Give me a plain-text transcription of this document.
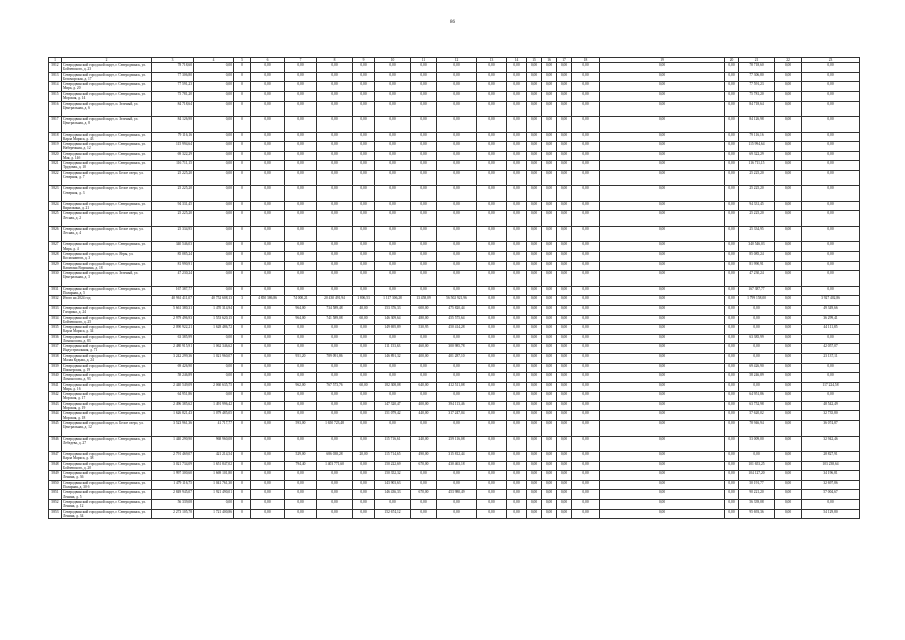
86
1	2	3	4	5	6	7	8	9	10	11	12	13	14	15	16	17	18	19	20	21	22	23
5812	Северодвинский городской округ, г. Северодвинск, ул. Бойчевского, д. 23	78 718,60	0,00	0	0,00	0,00	0,00	0,00	0,00	0,00	0,00	0,00	0,00	0,00	0,00	0,00	0,00	0,00	0,00	78 718,60	0,00	0,00
5813	Северодвинский городской округ, г. Северодвинск, ул. Беломорская, д. 17	77 306,80	0,00	0	0,00	0,00	0,00	0,00	0,00	0,00	0,00	0,00	0,00	0,00	0,00	0,00	0,00	0,00	0,00	77 306,80	0,00	0,00
5814	Северодвинский городской округ, г. Северодвинск, ул. Мира, д. 20	77 591,23	0,00	0	0,00	0,00	0,00	0,00	0,00	0,00	0,00	0,00	0,00	0,00	0,00	0,00	0,00	0,00	0,00	77 591,23	0,00	0,00
5815	Северодвинский городской округ, г. Северодвинск, ул. Морская, д. 14	75 781,20	0,00	0	0,00	0,00	0,00	0,00	0,00	0,00	0,00	0,00	0,00	0,00	0,00	0,00	0,00	0,00	0,00	75 781,20	0,00	0,00
5816	Северодвинский городской округ, п. Зеленый, ул. Центральная, д. 6	84 718,64	0,00	0	0,00	0,00	0,00	0,00	0,00	0,00	0,00	0,00	0,00	0,00	0,00	0,00	0,00	0,00	0,00	84 718,64	0,00	0,00
5817	Северодвинский городской округ, п. Зеленый, ул. Центральная, д. 8	84 126,98	0,00	0	0,00	0,00	0,00	0,00	0,00	0,00	0,00	0,00	0,00	0,00	0,00	0,00	0,00	0,00	0,00	84 126,98	0,00	0,00
5818	Северодвинский городской округ, г. Северодвинск, ул. Карла Маркса, д. 43	79 116,16	0,00	0	0,00	0,00	0,00	0,00	0,00	0,00	0,00	0,00	0,00	0,00	0,00	0,00	0,00	0,00	0,00	79 116,16	0,00	0,00
5819	Северодвинский городской округ, г. Северодвинск, ул. Набережная, д. 12	115 994,64	0,00	0	0,00	0,00	0,00	0,00	0,00	0,00	0,00	0,00	0,00	0,00	0,00	0,00	0,00	0,00	0,00	115 994,64	0,00	0,00
5820	Северодвинский городской округ, г. Северодвинск, ул. Мая, д. 14б	69 322,29	0,00	0	0,00	0,00	0,00	0,00	0,00	0,00	0,00	0,00	0,00	0,00	0,00	0,00	0,00	0,00	0,00	69 322,29	0,00	0,00
5821	Северодвинский городской округ, г. Северодвинск, ул. Трудовая, д. 10	116 711,15	0,00	0	0,00	0,00	0,00	0,00	0,00	0,00	0,00	0,00	0,00	0,00	0,00	0,00	0,00	0,00	0,00	116 711,15	0,00	0,00
5822	Северодвинский городской округ, п. Белое озеро, ул. Северная, д. 7	25 225,20	0,00	0	0,00	0,00	0,00	0,00	0,00	0,00	0,00	0,00	0,00	0,00	0,00	0,00	0,00	0,00	0,00	25 225,20	0,00	0,00
5823	Северодвинский городской округ, п. Белое озеро, ул. Северная, д. 3	25 225,20	0,00	0	0,00	0,00	0,00	0,00	0,00	0,00	0,00	0,00	0,00	0,00	0,00	0,00	0,00	0,00	0,00	25 225,20	0,00	0,00
5824	Северодвинский городской округ, г. Северодвинск, ул. Кирилкина, д. 21	94 331,45	0,00	0	0,00	0,00	0,00	0,00	0,00	0,00	0,00	0,00	0,00	0,00	0,00	0,00	0,00	0,00	0,00	94 331,45	0,00	0,00
5825	Северодвинский городской округ, п. Белое озеро, ул. Лесная, д. 2	25 225,20	0,00	0	0,00	0,00	0,00	0,00	0,00	0,00	0,00	0,00	0,00	0,00	0,00	0,00	0,00	0,00	0,00	25 225,20	0,00	0,00
5826	Северодвинский городской округ, п. Белое озеро, ул. Лесная, д. 4	25 334,95	0,00	0	0,00	0,00	0,00	0,00	0,00	0,00	0,00	0,00	0,00	0,00	0,00	0,00	0,00	0,00	0,00	25 334,95	0,00	0,00
5827	Северодвинский городской округ, г. Северодвинск, ул. Мира, д. 4	340 546,03	0,00	0	0,00	0,00	0,00	0,00	0,00	0,00	0,00	0,00	0,00	0,00	0,00	0,00	0,00	0,00	0,00	340 546,03	0,00	0,00
5828	Северодвинский городской округ, п. Ягры, ул. Космонавтов, д. 3	85 085,24	0,00	0	0,00	0,00	0,00	0,00	0,00	0,00	0,00	0,00	0,00	0,00	0,00	0,00	0,00	0,00	0,00	85 085,24	0,00	0,00
5829	Северодвинский городской округ, г. Северодвинск, ул. Капитана Воронина, д. 18	81 990,91	0,00	0	0,00	0,00	0,00	0,00	0,00	0,00	0,00	0,00	0,00	0,00	0,00	0,00	0,00	0,00	0,00	81 990,91	0,00	0,00
5830	Северодвинский городской округ, п. Зеленый, ул. Центральная, д. 3	47 230,24	0,00	0	0,00	0,00	0,00	0,00	0,00	0,00	0,00	0,00	0,00	0,00	0,00	0,00	0,00	0,00	0,00	47 230,24	0,00	0,00
5831	Северодвинский городской округ, г. Северодвинск, ул. Полярная, д. 5	167 387,77	0,00	0	0,00	0,00	0,00	0,00	0,00	0,00	0,00	0,00	0,00	0,00	0,00	0,00	0,00	0,00	0,00	167 387,77	0,00	0,00
5832	Итого на 2024 год	40 961 411,07	40 752 608,13	3	4 850 386,86	74 000,21	20 430 491,94	1 806,53	1 117 306,28	13 458,09	56 502 921,96	0,00	0,00	0,00	0,00	0,00	0,00	0,00	0,00	1 799 158,00	0,00	3 927 402,86
5833	Северодвинский городской округ, г. Северодвинск, ул. Гагарина, д. 24	5 661 380,31	1 470 314,94	0	0,00	964,00	734 589,48	40,00	153 376,33	600,00	475 820,44	0,00	0,00	0,00	0,00	0,00	0,00	0,00	0,00	0,00	0,00	49 349,66
5834	Северодвинский городской округ, г. Северодвинск, ул. Бойчевского, д. 25	2 979 496,93	1 553 620,15	0	0,00	964,00	741 589,08	60,00	146 309,64	480,00	455 575,64	0,00	0,00	0,00	0,00	0,00	0,00	0,00	0,00	0,00	0,00	36 299,41
5835	Северодвинский городской округ, г. Северодвинск, ул. Карла Маркса, д. 34	2 090 922,21	1 628 486,72	0	0,00	0,00	0,00	0,00	149 695,89	530,95	450 414,28	0,00	0,00	0,00	0,00	0,00	0,00	0,00	0,00	0,00	0,00	44 111,85
5836	Северодвинский городской округ, г. Северодвинск, ул. Ломоносова, д. 83	63 385,99	0,00	0	0,00	0,00	0,00	0,00	0,00	0,00	0,00	0,00	0,00	0,00	0,00	0,00	0,00	0,00	0,00	63 385,99	0,00	0,00
5837	Северодвинский городской округ, г. Северодвинск, ул. Индустриальная, д. 71	2 480 915,91	1 062 346,62	0	0,00	0,00	0,00	0,00	111 153,63	460,00	300 985,78	0,00	0,00	0,00	0,00	0,00	0,00	0,00	0,00	0,00	0,00	42 057,07
5838	Северодвинский городской округ, г. Северодвинск, ул. Малая Кудьма, д. 24	3 242 299,36	1 021 960,07	0	0,00	951,20	789 091,86	0,00	146 891,32	400,00	401 287,10	0,00	0,00	0,00	0,00	0,00	0,00	0,00	0,00	0,00	0,00	23 137,11
5839	Северодвинский городской округ, г. Северодвинск, ул. Пионерская, д. 19	69 426,90	0,00	0	0,00	0,00	0,00	0,00	0,00	0,00	0,00	0,00	0,00	0,00	0,00	0,00	0,00	0,00	0,00	69 426,90	0,00	0,00
5840	Северодвинский городской округ, г. Северодвинск, ул. Ломоносова, д. 93	58 246,89	0,00	0	0,00	0,00	0,00	0,00	0,00	0,00	0,00	0,00	0,00	0,00	0,00	0,00	0,00	0,00	0,00	58 246,89	0,00	0,00
5841	Северодвинский городской округ, г. Северодвинск, ул. Мира, д. 16	2 440 549,09	2 060 635,75	0	0,00	962,00	767 573,76	60,00	182 308,08	640,00	412 511,08	0,00	0,00	0,00	0,00	0,00	0,00	0,00	0,00	0,00	0,00	117 224,58
5842	Северодвинский городской округ, г. Северодвинск, ул. Морская, д. 17	64 951,86	0,00	0	0,00	0,00	0,00	0,00	0,00	0,00	0,00	0,00	0,00	0,00	0,00	0,00	0,00	0,00	0,00	64 951,86	0,00	0,00
5843	Северодвинский городской округ, г. Северодвинск, ул. Морская, д. 19	2 496 385,62	1 491 996,42	0	0,00	0,00	0,00	0,00	147 320,47	400,00	394 113,46	0,00	0,00	0,00	0,00	0,00	0,00	0,00	0,00	63 752,98	0,00	48 542,49
5844	Северодвинский городской округ, г. Северодвинск, ул. Морская, д. 18	1 626 821,43	1 079 485,05	0	0,00	0,00	0,00	0,00	151 079,42	440,00	317 247,04	0,00	0,00	0,00	0,00	0,00	0,00	0,00	0,00	57 620,02	0,00	32 735,80
5845	Северодвинский городской округ, п. Белое озеро, ул. Центральная, д. 12	3 523 961,36	41 717,77	0	0,00	593,00	1 650 723,48	0,00	0,00	0,00	0,00	0,00	0,00	0,00	0,00	0,00	0,00	0,00	0,00	78 946,94	0,00	36 074,87
5846	Северодвинский городской округ, г. Северодвинск, ул. Лебедева, д. 27	1 440 290,90	968 960,08	0	0,00	0,00	0,00	0,00	115 716,61	240,00	259 116,08	0,00	0,00	0,00	0,00	0,00	0,00	0,00	0,00	53 009,00	0,00	32 942,46
5847	Северодвинский городской округ, г. Северодвинск, ул. Карла Маркса, д. 38	2 791 469,07	421 214,54	0	0,00	529,00	686 038,28	20,00	115 714,65	490,00	315 812,44	0,00	0,00	0,00	0,00	0,00	0,00	0,00	0,00	0,00	0,00	28 827,91
5848	Северодвинский городской округ, г. Северодвинск, ул. Бойчевского, д. 20	3 021 734,09	1 651 847,02	0	0,00	794,40	1 403 771,60	0,00	150 222,69	670,00	430 463,18	0,00	0,00	0,00	0,00	0,00	0,00	0,00	0,00	101 653,25	0,00	103 238,64
5849	Северодвинский городской округ, г. Северодвинск, ул. Ленина, д. 36	1 997 300,60	1 669 101,80	0	0,00	0,00	0,00	0,00	150 352,32	0,00	0,00	0,00	0,00	0,00	0,00	0,00	0,00	0,00	0,00	104 127,20	0,00	34 196,81
5850	Северодвинский городской округ, г. Северодвинск, ул. Полярная, д. 30 б	1 479 116,75	1 041 761,30	0	0,00	0,00	0,00	0,00	143 903,63	0,00	0,00	0,00	0,00	0,00	0,00	0,00	0,00	0,00	0,00	50 191,77	0,00	32 697,86
5851	Северодвинский городской округ, г. Северодвинск, ул. Ленина, д. 5	2 849 945,07	1 921 490,01	0	0,00	0,00	0,00	0,00	146 436,33	670,00	453 980,49	0,00	0,00	0,00	0,00	0,00	0,00	0,00	0,00	90 221,20	0,00	57 004,67
5852	Северодвинский городской округ, г. Северодвинск, ул. Ленина, д. 12	56 339,08	0,00	0	0,00	0,00	0,00	0,00	0,00	0,00	0,00	0,00	0,00	0,00	0,00	0,00	0,00	0,00	0,00	56 339,08	0,00	0,00
5853	Северодвинский городской округ, г. Северодвинск, ул. Ленина, д. 34	2 273 105,78	1 721 400,86	0	0,00	0,00	0,00	0,00	152 674,12	0,00	0,00	0,00	0,00	0,00	0,00	0,00	0,00	0,00	0,00	95 693,36	0,00	54 129,80
